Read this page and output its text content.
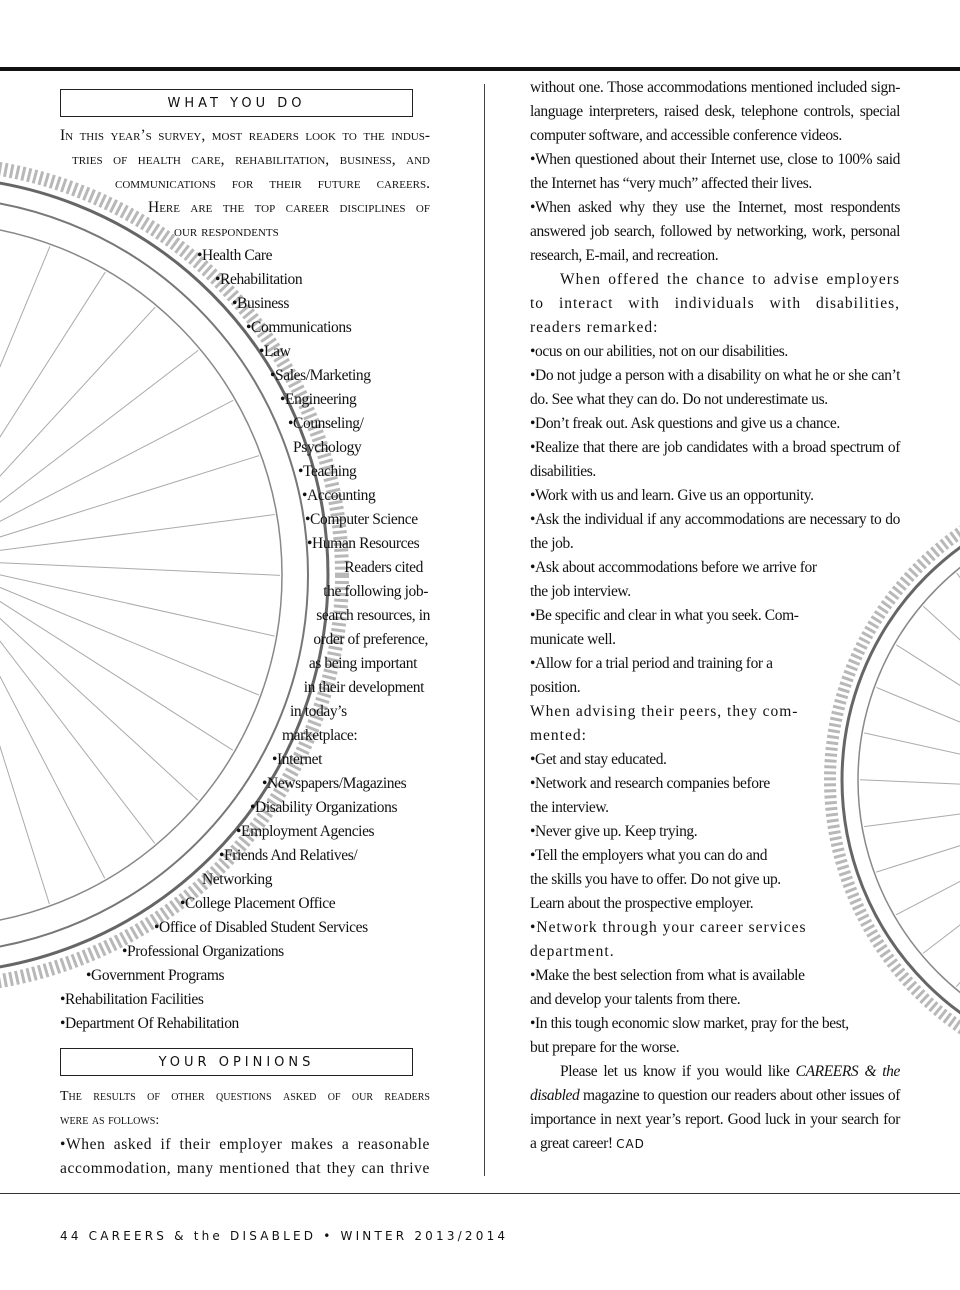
WHAT YOU DO
In this year’s survey, most readers look to the indus-
tries of health care, rehabilitation, business, and
communications for their future careers.
Here are the top career disciplines of
our respondents
•Health Care
•Rehabilitation
•Business
•Communications
•Law
•Sales/Marketing
•Engineering
•Counseling/
Psychology
•Teaching
•Accounting
•Computer Science
•Human Resources
Readers cited
the following job-
search resources, in
order of preference,
as being important
in their development
in today’s
marketplace:
•Internet
•Newspapers/Magazines
•Disability Organizations
•Employment Agencies
•Friends And Relatives/
Networking
•College Placement Office
•Office of Disabled Student Services
•Professional Organizations
•Government Programs
•Rehabilitation Facilities
•Department Of Rehabilitation
YOUR OPINIONS
The results of other questions asked of our readers
were as follows:
•When asked if their employer makes a reasonable
accommodation, many mentioned that they can thrive

without one. Those accommodations mentioned included sign-language interpreters, raised desk, telephone controls, special computer software, and accessible conference videos.

•When questioned about their Internet use, close to 100% said the Internet has “very much” affected their lives.

•When asked why they use the Internet, most respondents answered job search, followed by networking, work, personal research, E-mail, and recreation.

When offered the chance to advise employers to interact with individuals with disabilities, readers remarked:

•ocus on our abilities, not on our disabilities.

•Do not judge a person with a disability on what he or she can’t do. See what they can do. Do not underestimate us.

•Don’t freak out. Ask questions and give us a chance.

•Realize that there are job candidates with a broad spectrum of disabilities.

•Work with us and learn. Give us an opportunity.

•Ask the individual if any accommodations are necessary to do the job.

•Ask about accommodations before we arrive for
the job interview.

•Be specific and clear in what you seek. Com-
municate well.

•Allow for a trial period and training for a
position.

When advising their peers, they com-
mented:

•Get and stay educated.

•Network and research companies before
the interview.

•Never give up. Keep trying.

•Tell the employers what you can do and
the skills you have to offer. Do not give up.
Learn about the prospective employer.

•Network through your career services
department.

•Make the best selection from what is available
and develop your talents from there.

•In this tough economic slow market, pray for the best,
but prepare for the worse.

Please let us know if you would like CAREERS & the disabled magazine to question our readers about other issues of importance in next year’s report. Good luck in your search for a great career! CAD

44 CAREERS & the DISABLED • WINTER 2013/2014
